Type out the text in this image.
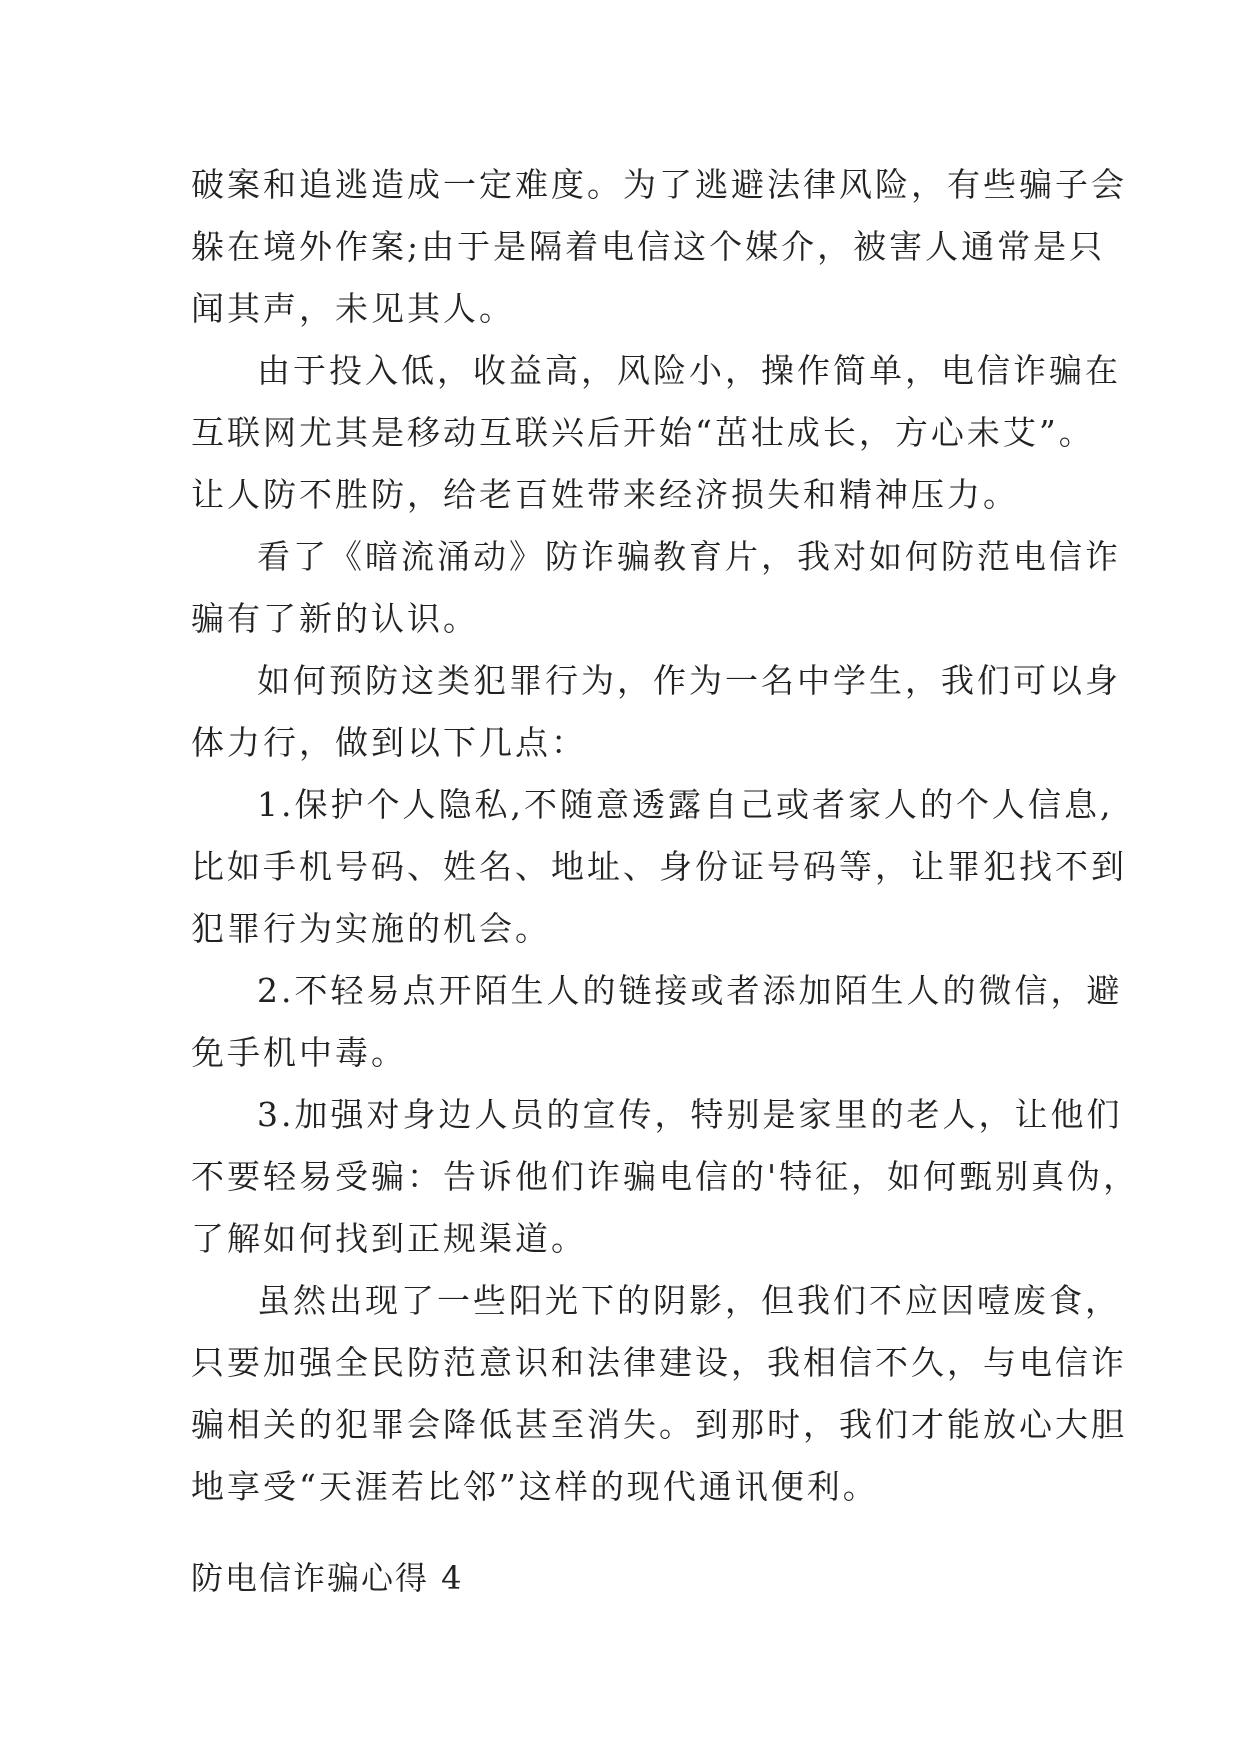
破案和追逃造成一定难度。为了逃避法律风险，有些骗子会
躲在境外作案;由于是隔着电信这个媒介，被害人通常是只
闻其声，未见其人。

由于投入低，收益高，风险小，操作简单，电信诈骗在
互联网尤其是移动互联兴后开始“茁壮成长，方心未艾”。
让人防不胜防，给老百姓带来经济损失和精神压力。

看了《暗流涌动》防诈骗教育片，我对如何防范电信诈
骗有了新的认识。

如何预防这类犯罪行为，作为一名中学生，我们可以身
体力行，做到以下几点：

1.保护个人隐私,不随意透露自己或者家人的个人信息,
比如手机号码、姓名、地址、身份证号码等，让罪犯找不到
犯罪行为实施的机会。

2.不轻易点开陌生人的链接或者添加陌生人的微信，避
免手机中毒。

3.加强对身边人员的宣传，特别是家里的老人，让他们
不要轻易受骗：告诉他们诈骗电信的'特征，如何甄别真伪，
了解如何找到正规渠道。

虽然出现了一些阳光下的阴影，但我们不应因噎废食，
只要加强全民防范意识和法律建设，我相信不久，与电信诈
骗相关的犯罪会降低甚至消失。到那时，我们才能放心大胆
地享受“天涯若比邻”这样的现代通讯便利。

防电信诈骗心得 4
